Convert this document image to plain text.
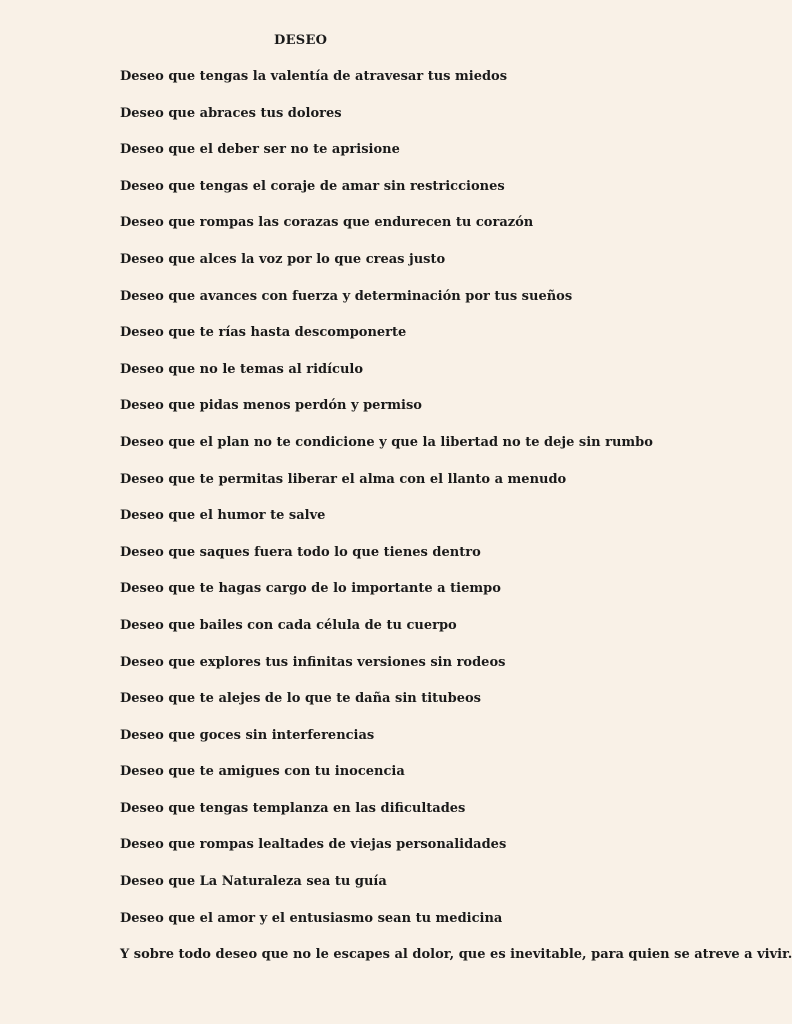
DESEO
Deseo que tengas la valentía de atravesar tus miedos
Deseo que abraces tus dolores
Deseo que el deber ser no te aprisione
Deseo que tengas el coraje de amar sin restricciones
Deseo que rompas las corazas que endurecen tu corazón
Deseo que alces la voz por lo que creas justo
Deseo que avances con fuerza y determinación por tus sueños
Deseo que te rías hasta descomponerte
Deseo que no le temas al ridículo
Deseo que pidas menos perdón y permiso
Deseo que el plan no te condicione y que la libertad no te deje sin rumbo
Deseo que te permitas liberar el alma con el llanto a menudo
Deseo que el humor te salve
Deseo que saques fuera todo lo que tienes dentro
Deseo que te hagas cargo de lo importante a tiempo
Deseo que bailes con cada célula de tu cuerpo
Deseo que explores tus infinitas versiones sin rodeos
Deseo que te alejes de lo que te daña sin titubeos
Deseo que goces sin interferencias
Deseo que te amigues con tu inocencia
Deseo que tengas templanza en las dificultades
Deseo que rompas lealtades de viejas personalidades
Deseo que La Naturaleza sea tu guía
Deseo que el amor y el entusiasmo sean tu medicina
Y sobre todo deseo que no le escapes al dolor, que es inevitable, para quien se atreve a vivir.
